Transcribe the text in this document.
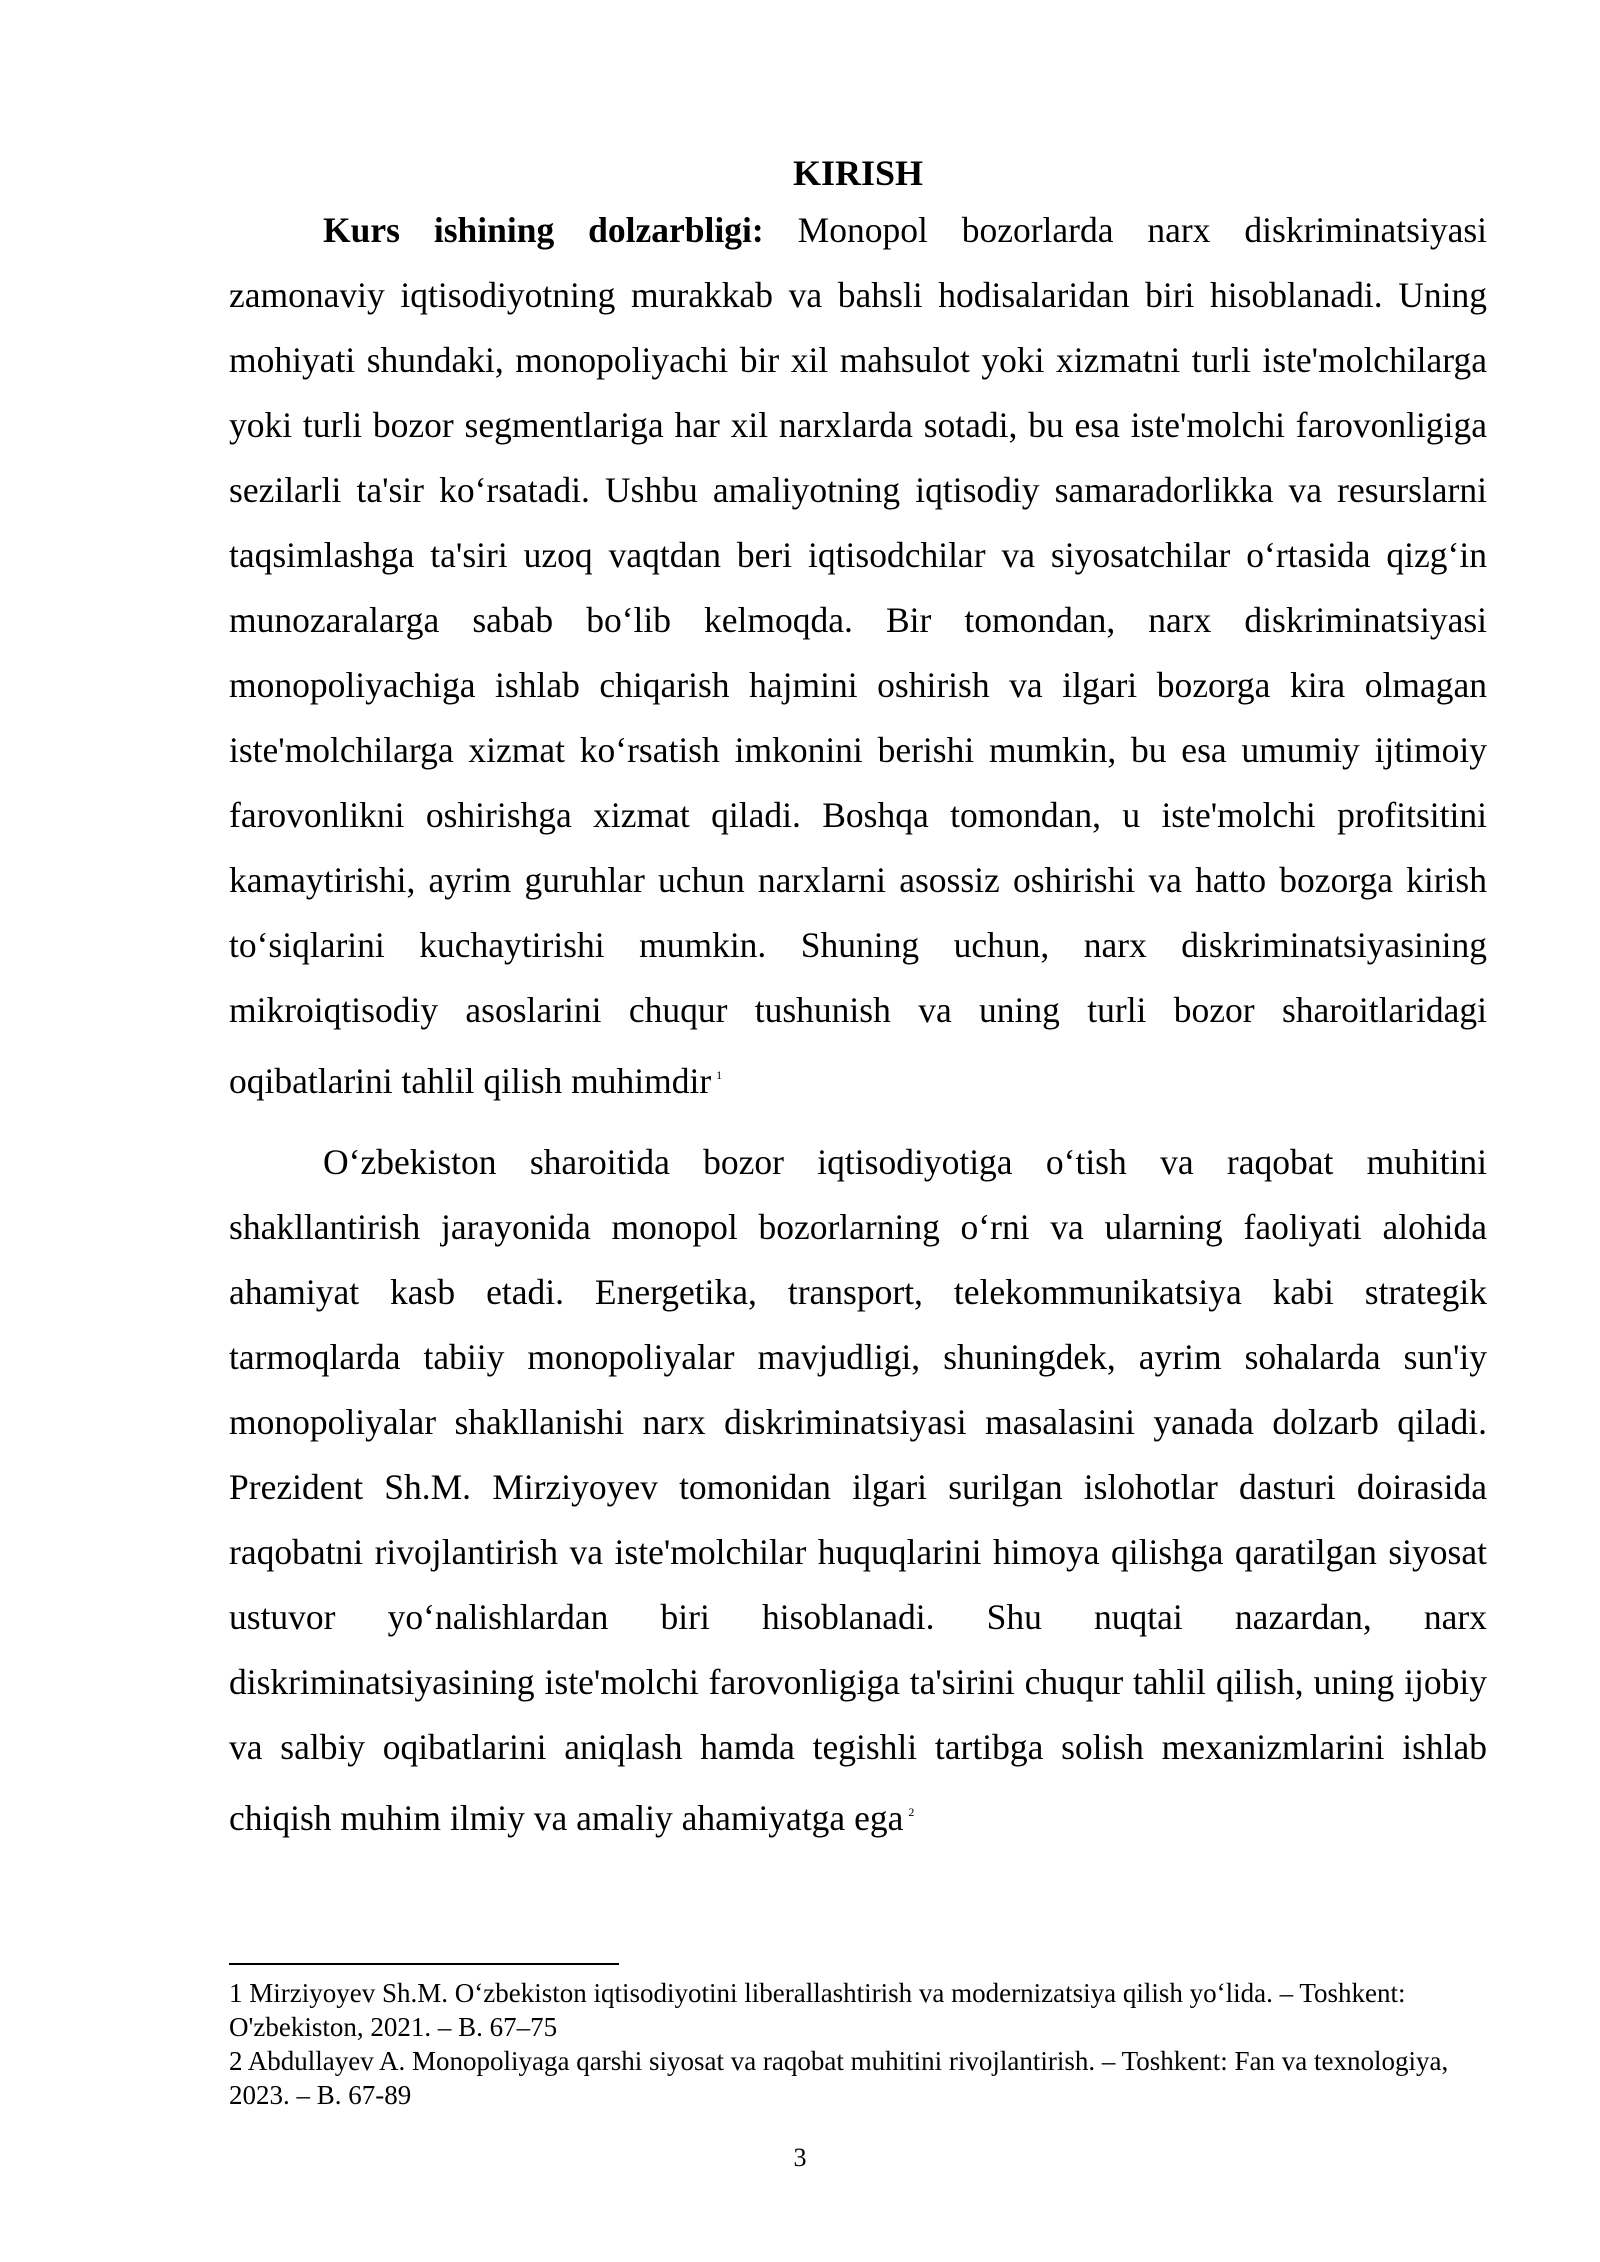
KIRISH

Kurs ishining dolzarbligi: Monopol bozorlarda narx diskriminatsiyasi zamonaviy iqtisodiyotning murakkab va bahsli hodisalaridan biri hisoblanadi. Uning mohiyati shundaki, monopoliyachi bir xil mahsulot yoki xizmatni turli iste'molchilarga yoki turli bozor segmentlariga har xil narxlarda sotadi, bu esa iste'molchi farovonligiga sezilarli ta'sir ko‘rsatadi. Ushbu amaliyotning iqtisodiy samaradorlikka va resurslarni taqsimlashga ta'siri uzoq vaqtdan beri iqtisodchilar va siyosatchilar o‘rtasida qizg‘in munozaralarga sabab bo‘lib kelmoqda. Bir tomondan, narx diskriminatsiyasi monopoliyachiga ishlab chiqarish hajmini oshirish va ilgari bozorga kira olmagan iste'molchilarga xizmat ko‘rsatish imkonini berishi mumkin, bu esa umumiy ijtimoiy farovonlikni oshirishga xizmat qiladi. Boshqa tomondan, u iste'molchi profitsitini kamaytirishi, ayrim guruhlar uchun narxlarni asossiz oshirishi va hatto bozorga kirish to‘siqlarini kuchaytirishi mumkin. Shuning uchun, narx diskriminatsiyasining mikroiqtisodiy asoslarini chuqur tushunish va uning turli bozor sharoitlaridagi oqibatlarini tahlil qilish muhimdir $^1$

O‘zbekiston sharoitida bozor iqtisodiyotiga o‘tish va raqobat muhitini shakllantirish jarayonida monopol bozorlarning o‘rni va ularning faoliyati alohida ahamiyat kasb etadi. Energetika, transport, telekommunikatsiya kabi strategik tarmoqlarda tabiiy monopoliyalar mavjudligi, shuningdek, ayrim sohalarda sun'iy monopoliyalar shakllanishi narx diskriminatsiyasi masalasini yanada dolzarb qiladi. Prezident Sh.M. Mirziyoyev tomonidan ilgari surilgan islohotlar dasturi doirasida raqobatni rivojlantirish va iste'molchilar huquqlarini himoya qilishga qaratilgan siyosat ustuvor yo‘nalishlardan biri hisoblanadi. Shu nuqtai nazardan, narx diskriminatsiyasining iste'molchi farovonligiga ta'sirini chuqur tahlil qilish, uning ijobiy va salbiy oqibatlarini aniqlash hamda tegishli tartibga solish mexanizmlarini ishlab chiqish muhim ilmiy va amaliy ahamiyatga ega $^2$

1 Mirziyoyev Sh.M. O‘zbekiston iqtisodiyotini liberallashtirish va modernizatsiya qilish yo‘lida. – Toshkent: O'zbekiston, 2021. – B. 67–75
2 Abdullayev A. Monopoliyaga qarshi siyosat va raqobat muhitini rivojlantirish. – Toshkent: Fan va texnologiya, 2023. – B. 67-89
3
